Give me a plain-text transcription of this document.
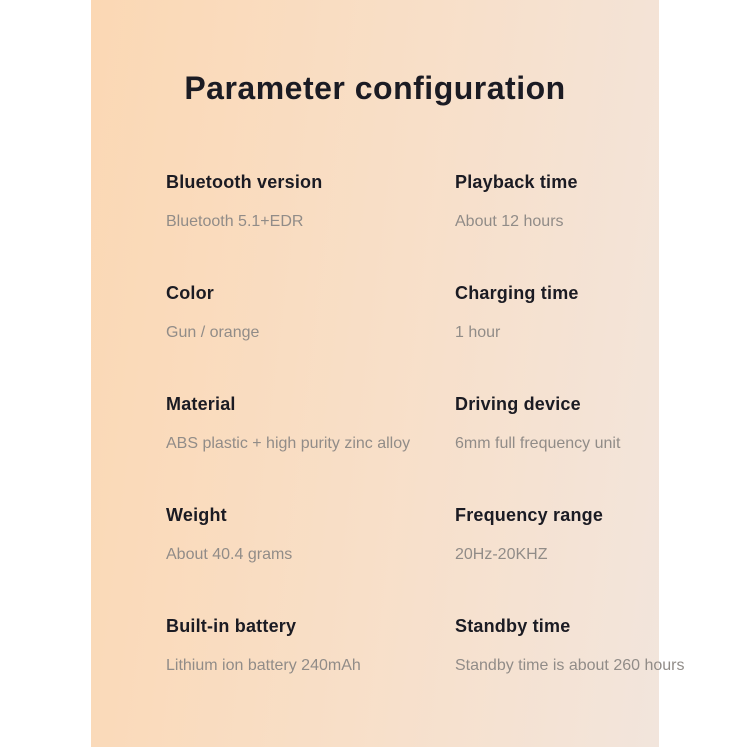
Parameter configuration
Bluetooth version
Bluetooth 5.1+EDR
Playback time
About 12 hours
Color
Gun / orange
Charging time
1 hour
Material
ABS plastic + high purity zinc alloy
Driving device
6mm full frequency unit
Weight
About 40.4 grams
Frequency range
20Hz-20KHZ
Built-in battery
Lithium ion battery 240mAh
Standby time
Standby time is about 260 hours
